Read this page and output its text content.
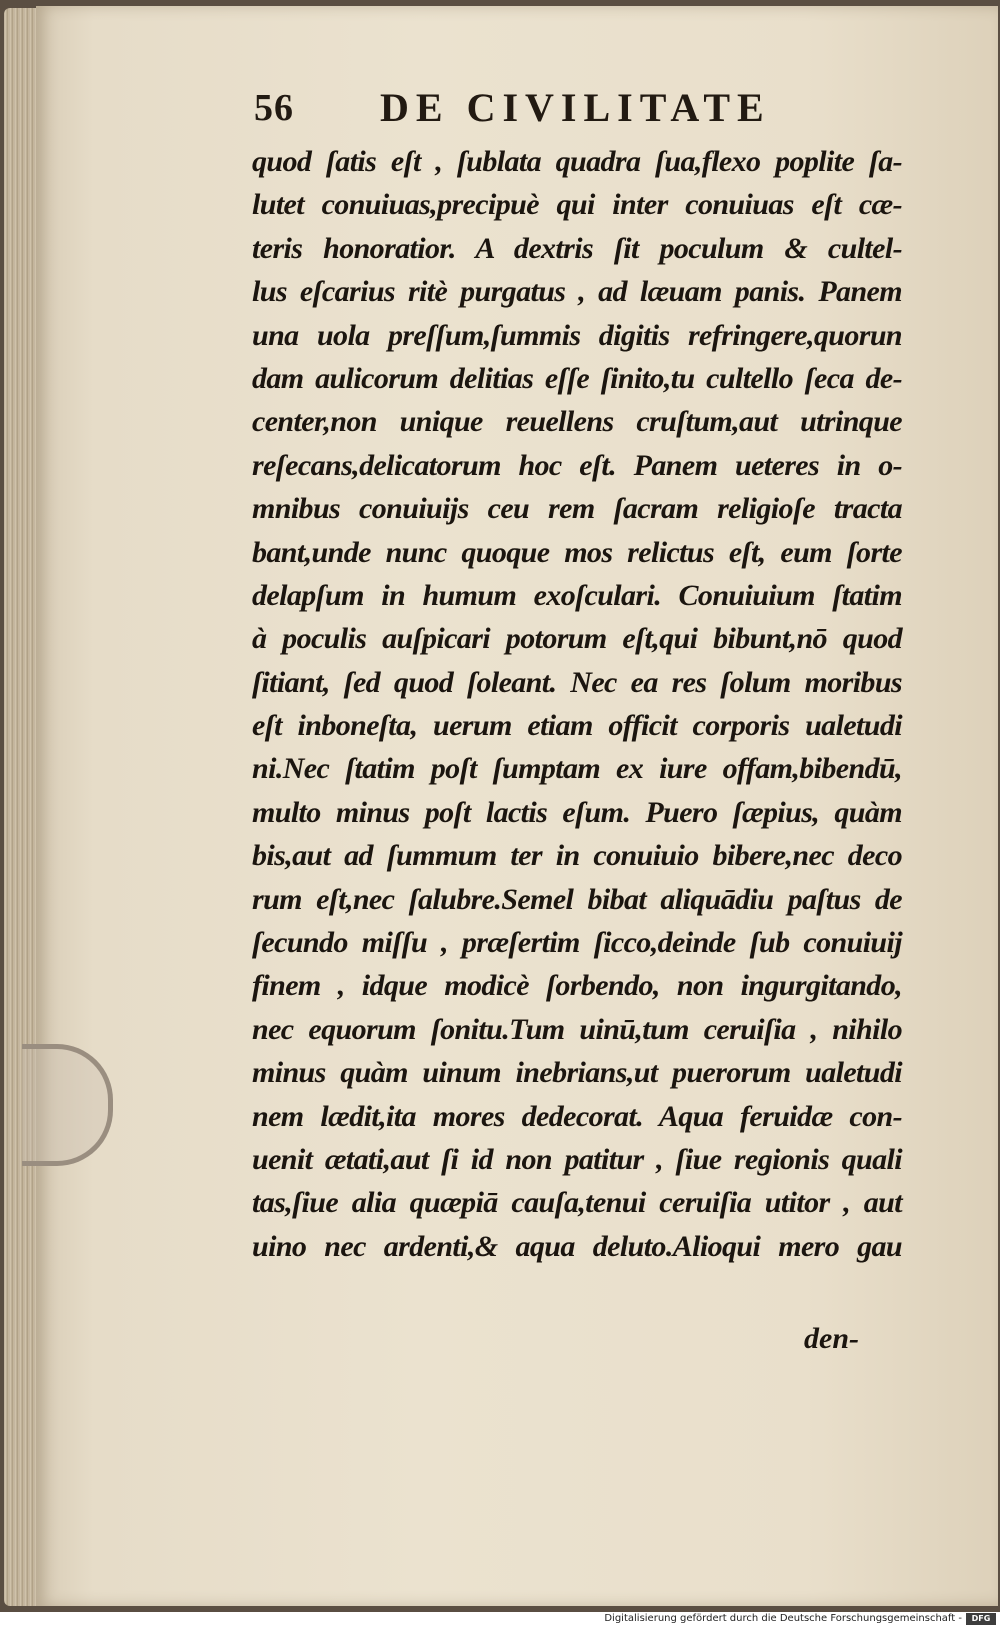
56 DE CIVILITATE
quod ſatis eſt , ſublata quadra ſua,flexo poplite ſa-
lutet conuiuas,precipuè qui inter conuiuas eſt cæ-
teris honoratior. A dextris ſit poculum & cultel-
lus eſcarius ritè purgatus , ad læuam panis. Panem
una uola preſſum,ſummis digitis refringere,quorun
dam aulicorum delitias eſſe ſinito,tu cultello ſeca de-
center,non unique reuellens cruſtum,aut utrinque
reſecans,delicatorum hoc eſt. Panem ueteres in o-
mnibus conuiuijs ceu rem ſacram religioſe tracta
bant,unde nunc quoque mos relictus eſt, eum ſorte
delapſum in humum exoſculari. Conuiuium ſtatim
à poculis auſpicari potorum eſt,qui bibunt,nō quod
ſitiant, ſed quod ſoleant. Nec ea res ſolum moribus
eſt inboneſta, uerum etiam officit corporis ualetudi
ni.Nec ſtatim poſt ſumptam ex iure offam,bibendū,
multo minus poſt lactis eſum. Puero ſæpius, quàm
bis,aut ad ſummum ter in conuiuio bibere,nec deco
rum eſt,nec ſalubre.Semel bibat aliquādiu paſtus de
ſecundo miſſu , præſertim ſicco,deinde ſub conuiuij
finem , idque modicè ſorbendo, non ingurgitando,
nec equorum ſonitu.Tum uinū,tum ceruiſia , nihilo
minus quàm uinum inebrians,ut puerorum ualetudi
nem lædit,ita mores dedecorat. Aqua feruidæ con-
uenit ætati,aut ſi id non patitur , ſiue regionis quali
tas,ſiue alia quæpiā cauſa,tenui ceruiſia utitor , aut
uino nec ardenti,& aqua deluto.Alioqui mero gau
den-
Digitalisierung gefördert durch die Deutsche Forschungsgemeinschaft -	DFG
